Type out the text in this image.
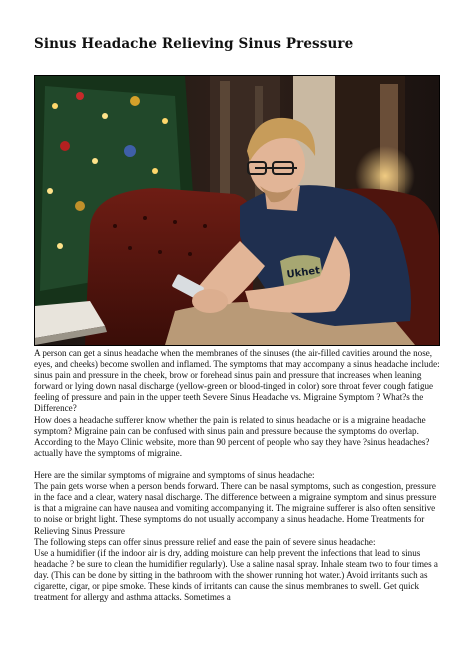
Sinus Headache Relieving Sinus Pressure
Ukhet

A person can get a sinus headache when the membranes of the sinuses (the air-filled cavities around the nose, eyes, and cheeks) become swollen and inflamed. The symptoms that may accompany a sinus headache include: sinus pain and pressure in the cheek, brow or forehead sinus pain and pressure that increases when leaning forward or lying down nasal discharge (yellow-green or blood-tinged in color) sore throat fever cough fatigue feeling of pressure and pain in the upper teeth Severe Sinus Headache vs. Migraine Symptom ? What?s the Difference?

How does a headache sufferer know whether the pain is related to sinus headache or is a migraine headache symptom? Migraine pain can be confused with sinus pain and pressure because the symptoms do overlap. According to the Mayo Clinic website, more than 90 percent of people who say they have ?sinus headaches? actually have the symptoms of migraine.

Here are the similar symptoms of migraine and symptoms of sinus headache:

The pain gets worse when a person bends forward. There can be nasal symptoms, such as congestion, pressure in the face and a clear, watery nasal discharge. The difference between a migraine symptom and sinus pressure is that a migraine can have nausea and vomiting accompanying it. The migraine sufferer is also often sensitive to noise or bright light. These symptoms do not usually accompany a sinus headache. Home Treatments for Relieving Sinus Pressure

The following steps can offer sinus pressure relief and ease the pain of severe sinus headache:

Use a humidifier (if the indoor air is dry, adding moisture can help prevent the infections that lead to sinus headache ? be sure to clean the humidifier regularly). Use a saline nasal spray. Inhale steam two to four times a day. (This can be done by sitting in the bathroom with the shower running hot water.) Avoid irritants such as cigarette, cigar, or pipe smoke. These kinds of irritants can cause the sinus membranes to swell. Get quick treatment for allergy and asthma attacks. Sometimes a
